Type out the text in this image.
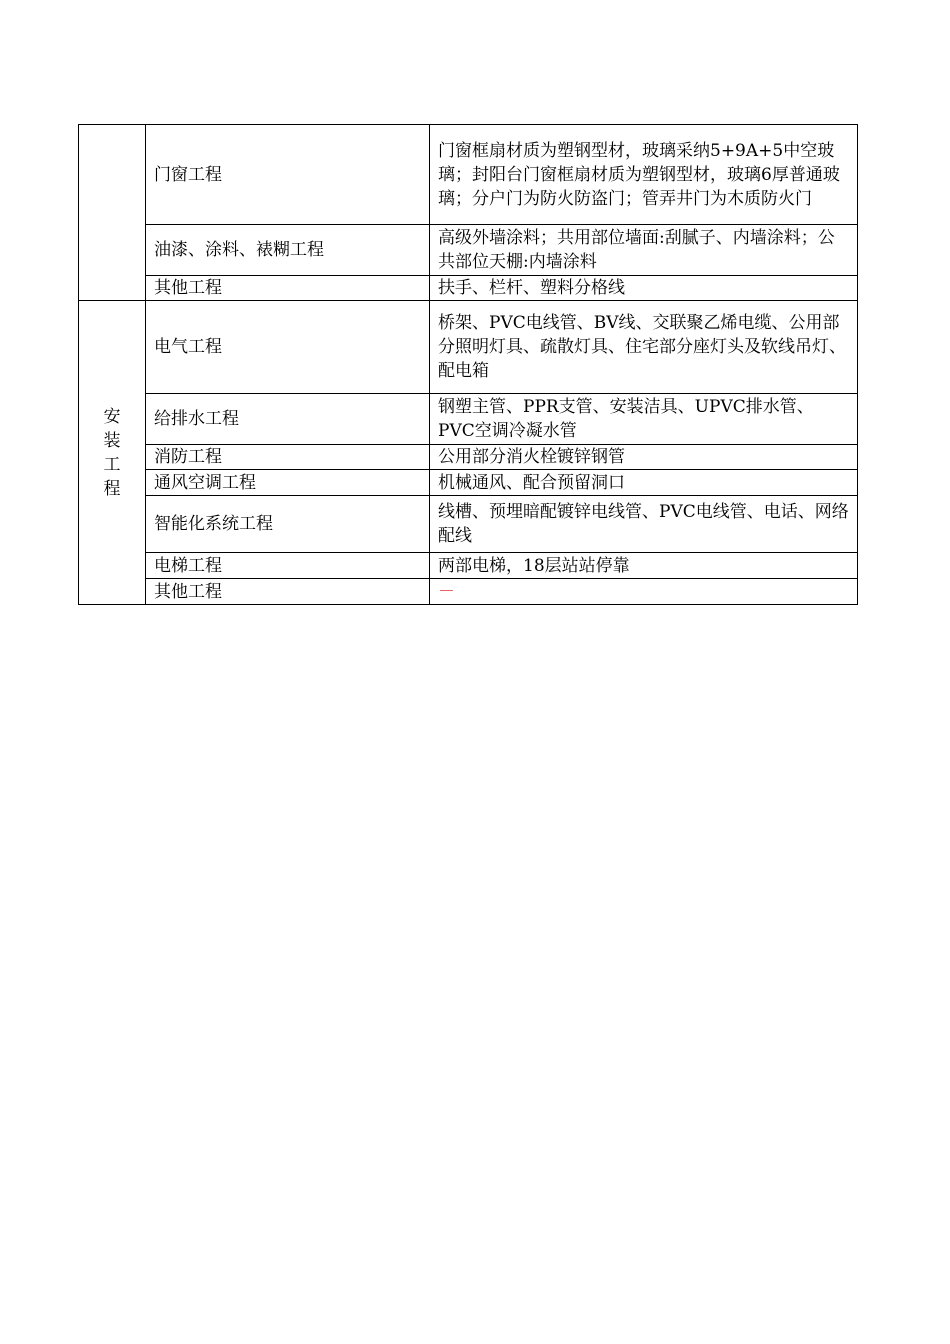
	门窗工程	门窗框扇材质为塑钢型材，玻璃采纳5+9A+5中空玻璃；封阳台门窗框扇材质为塑钢型材，玻璃6厚普通玻璃；分户门为防火防盗门；管弄井门为木质防火门
	油漆、涂料、裱糊工程	高级外墙涂料；共用部位墙面:刮腻子、内墙涂料；公共部位天棚:内墙涂料
	其他工程	扶手、栏杆、塑料分格线
安装工程	电气工程	桥架、PVC电线管、BV线、交联聚乙烯电缆、公用部分照明灯具、疏散灯具、住宅部分座灯头及软线吊灯、配电箱
	给排水工程	钢塑主管、PPR支管、安装洁具、UPVC排水管、PVC空调冷凝水管
	消防工程	公用部分消火栓镀锌钢管
	通风空调工程	机械通风、配合预留洞口
	智能化系统工程	线槽、预埋暗配镀锌电线管、PVC电线管、电话、网络配线
	电梯工程	两部电梯，18层站站停靠
	其他工程	－
